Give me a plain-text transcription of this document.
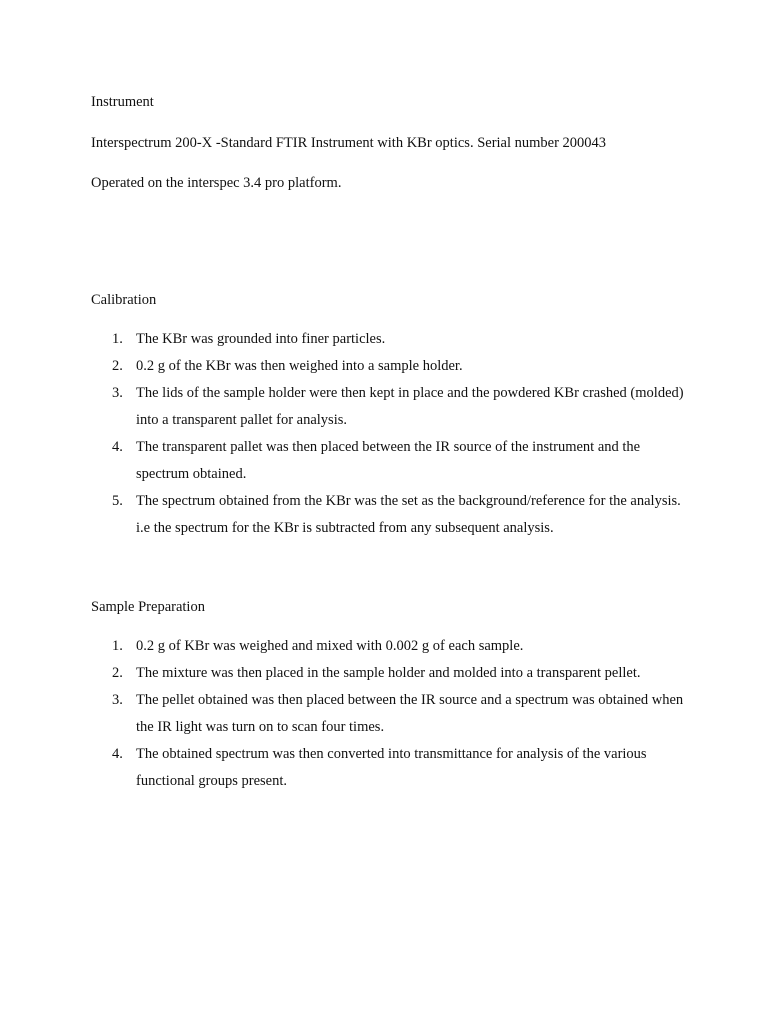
Instrument
Interspectrum 200-X -Standard FTIR Instrument with KBr optics. Serial number 200043
Operated on the interspec 3.4 pro platform.
Calibration
1. The KBr was grounded into finer particles.
2. 0.2 g of the KBr was then weighed into a sample holder.
3. The lids of the sample holder were then kept in place and the powdered KBr crashed (molded) into a transparent pallet for analysis.
4. The transparent pallet was then placed between the IR source of the instrument and the spectrum obtained.
5. The spectrum obtained from the KBr was the set as the background/reference for the analysis. i.e the spectrum for the KBr is subtracted from any subsequent analysis.
Sample Preparation
1. 0.2 g of KBr was weighed and mixed with 0.002 g of each sample.
2. The mixture was then placed in the sample holder and molded into a transparent pellet.
3. The pellet obtained was then placed between the IR source and a spectrum was obtained when the IR light was turn on to scan four times.
4. The obtained spectrum was then converted into transmittance for analysis of the various functional groups present.
